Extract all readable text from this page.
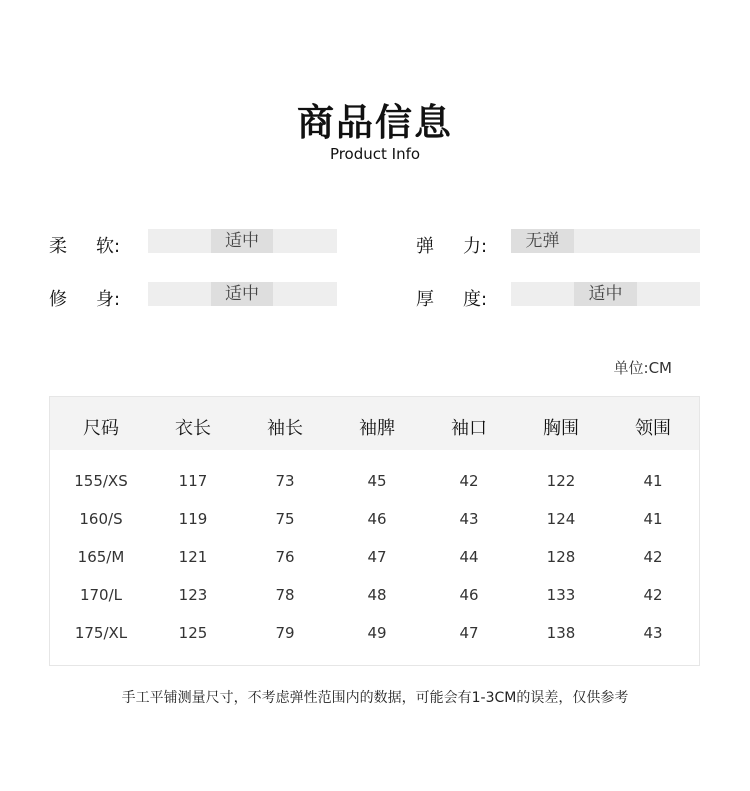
商品信息
Product Info
柔 软:	适中	弹 力:	无弹
修 身:	适中	厚 度:	适中
单位:CM
尺码	衣长	袖长	袖脾	袖口	胸围	领围
155/XS	117	73	45	42	122	41
160/S	119	75	46	43	124	41
165/M	121	76	47	44	128	42
170/L	123	78	48	46	133	42
175/XL	125	79	49	47	138	43
手工平铺测量尺寸，不考虑弹性范围内的数据，可能会有1-3CM的误差，仅供参考
